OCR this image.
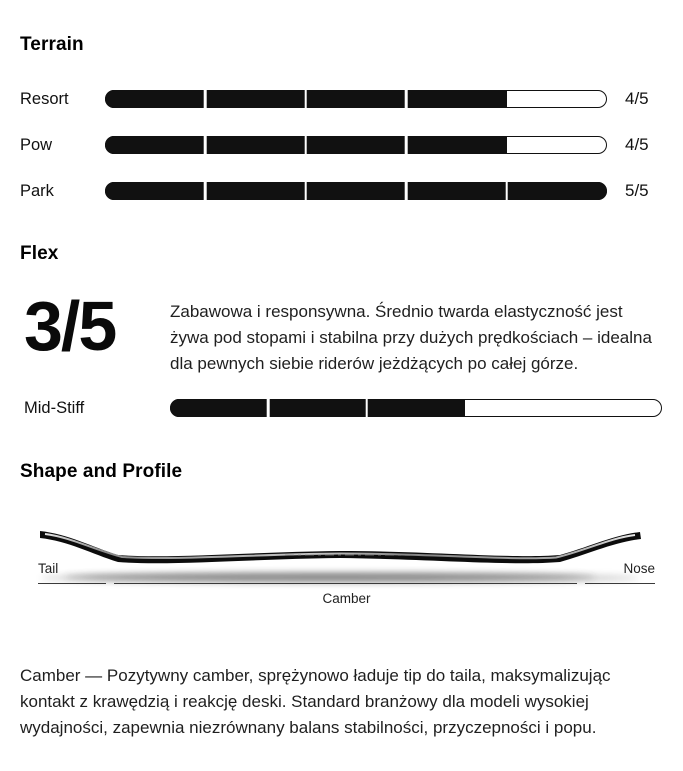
Terrain
Resort	4/5
Pow	4/5
Park	5/5
Flex
3/5	Zabawowa i responsywna. Średnio twarda elastyczność jest żywa pod stopami i stabilna przy dużych prędkościach – idealna dla pewnych siebie riderów jeżdżących po całej górze.

Mid-Stiff
Shape and Profile
Tail	Nose
Camber

Camber — Pozytywny camber, sprężynowo ładuje tip do taila, maksymalizując kontakt z krawędzią i reakcję deski. Standard branżowy dla modeli wysokiej wydajności, zapewnia niezrównany balans stabilności, przyczepności i popu.
